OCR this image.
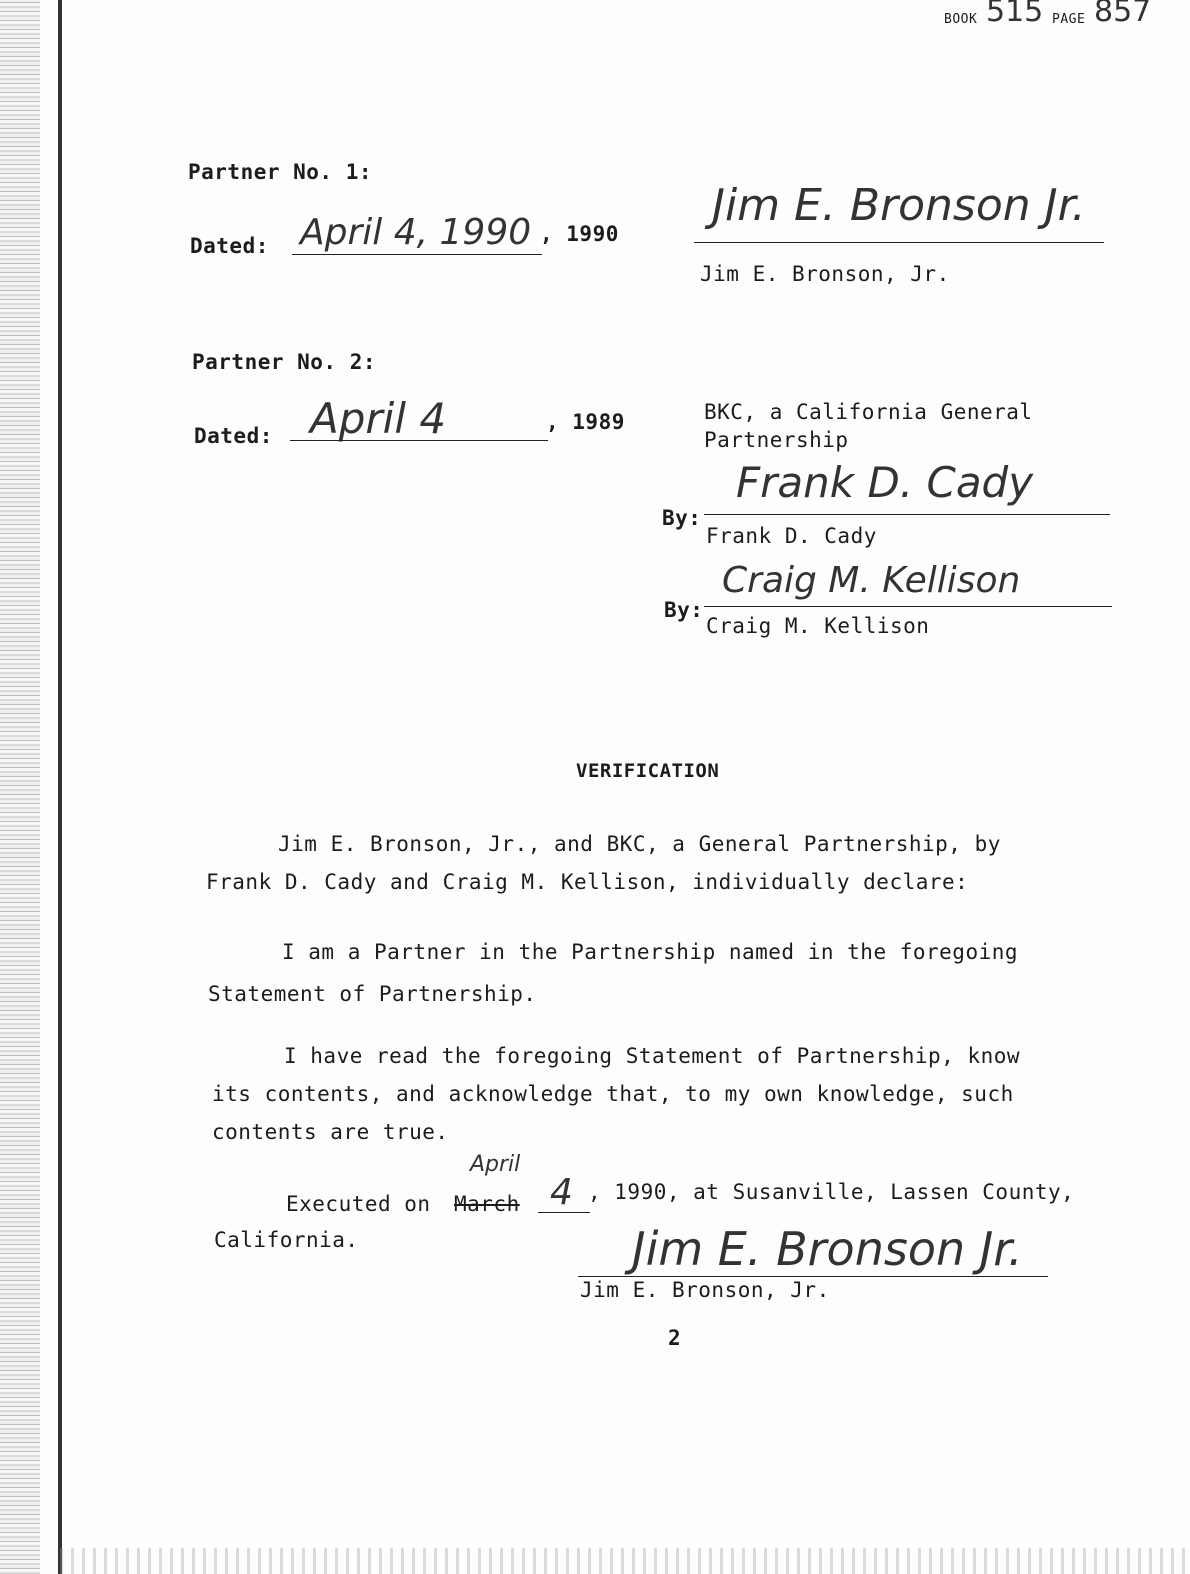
BOOK 515 PAGE 857
Partner No. 1:
Dated: April 4, 1990 , 1990
Jim E. Bronson Jr.
Jim E. Bronson, Jr.
Partner No. 2:
Dated: April 4	, 1989	BKC, a California General
Partnership
By:
Frank D. Cady
Frank D. Cady
By:
Craig M. Kellison
Craig M. Kellison
VERIFICATION
Jim E. Bronson, Jr., and BKC, a General Partnership, by
Frank D. Cady and Craig M. Kellison, individually declare:
I am a Partner in the Partnership named in the foregoing
Statement of Partnership.
I have read the foregoing Statement of Partnership, know
its contents, and acknowledge that, to my own knowledge, such
contents are true.
Executed on March
April
4 , 1990, at Susanville, Lassen County,
California.	Jim E. Bronson Jr.
Jim E. Bronson, Jr.
2
